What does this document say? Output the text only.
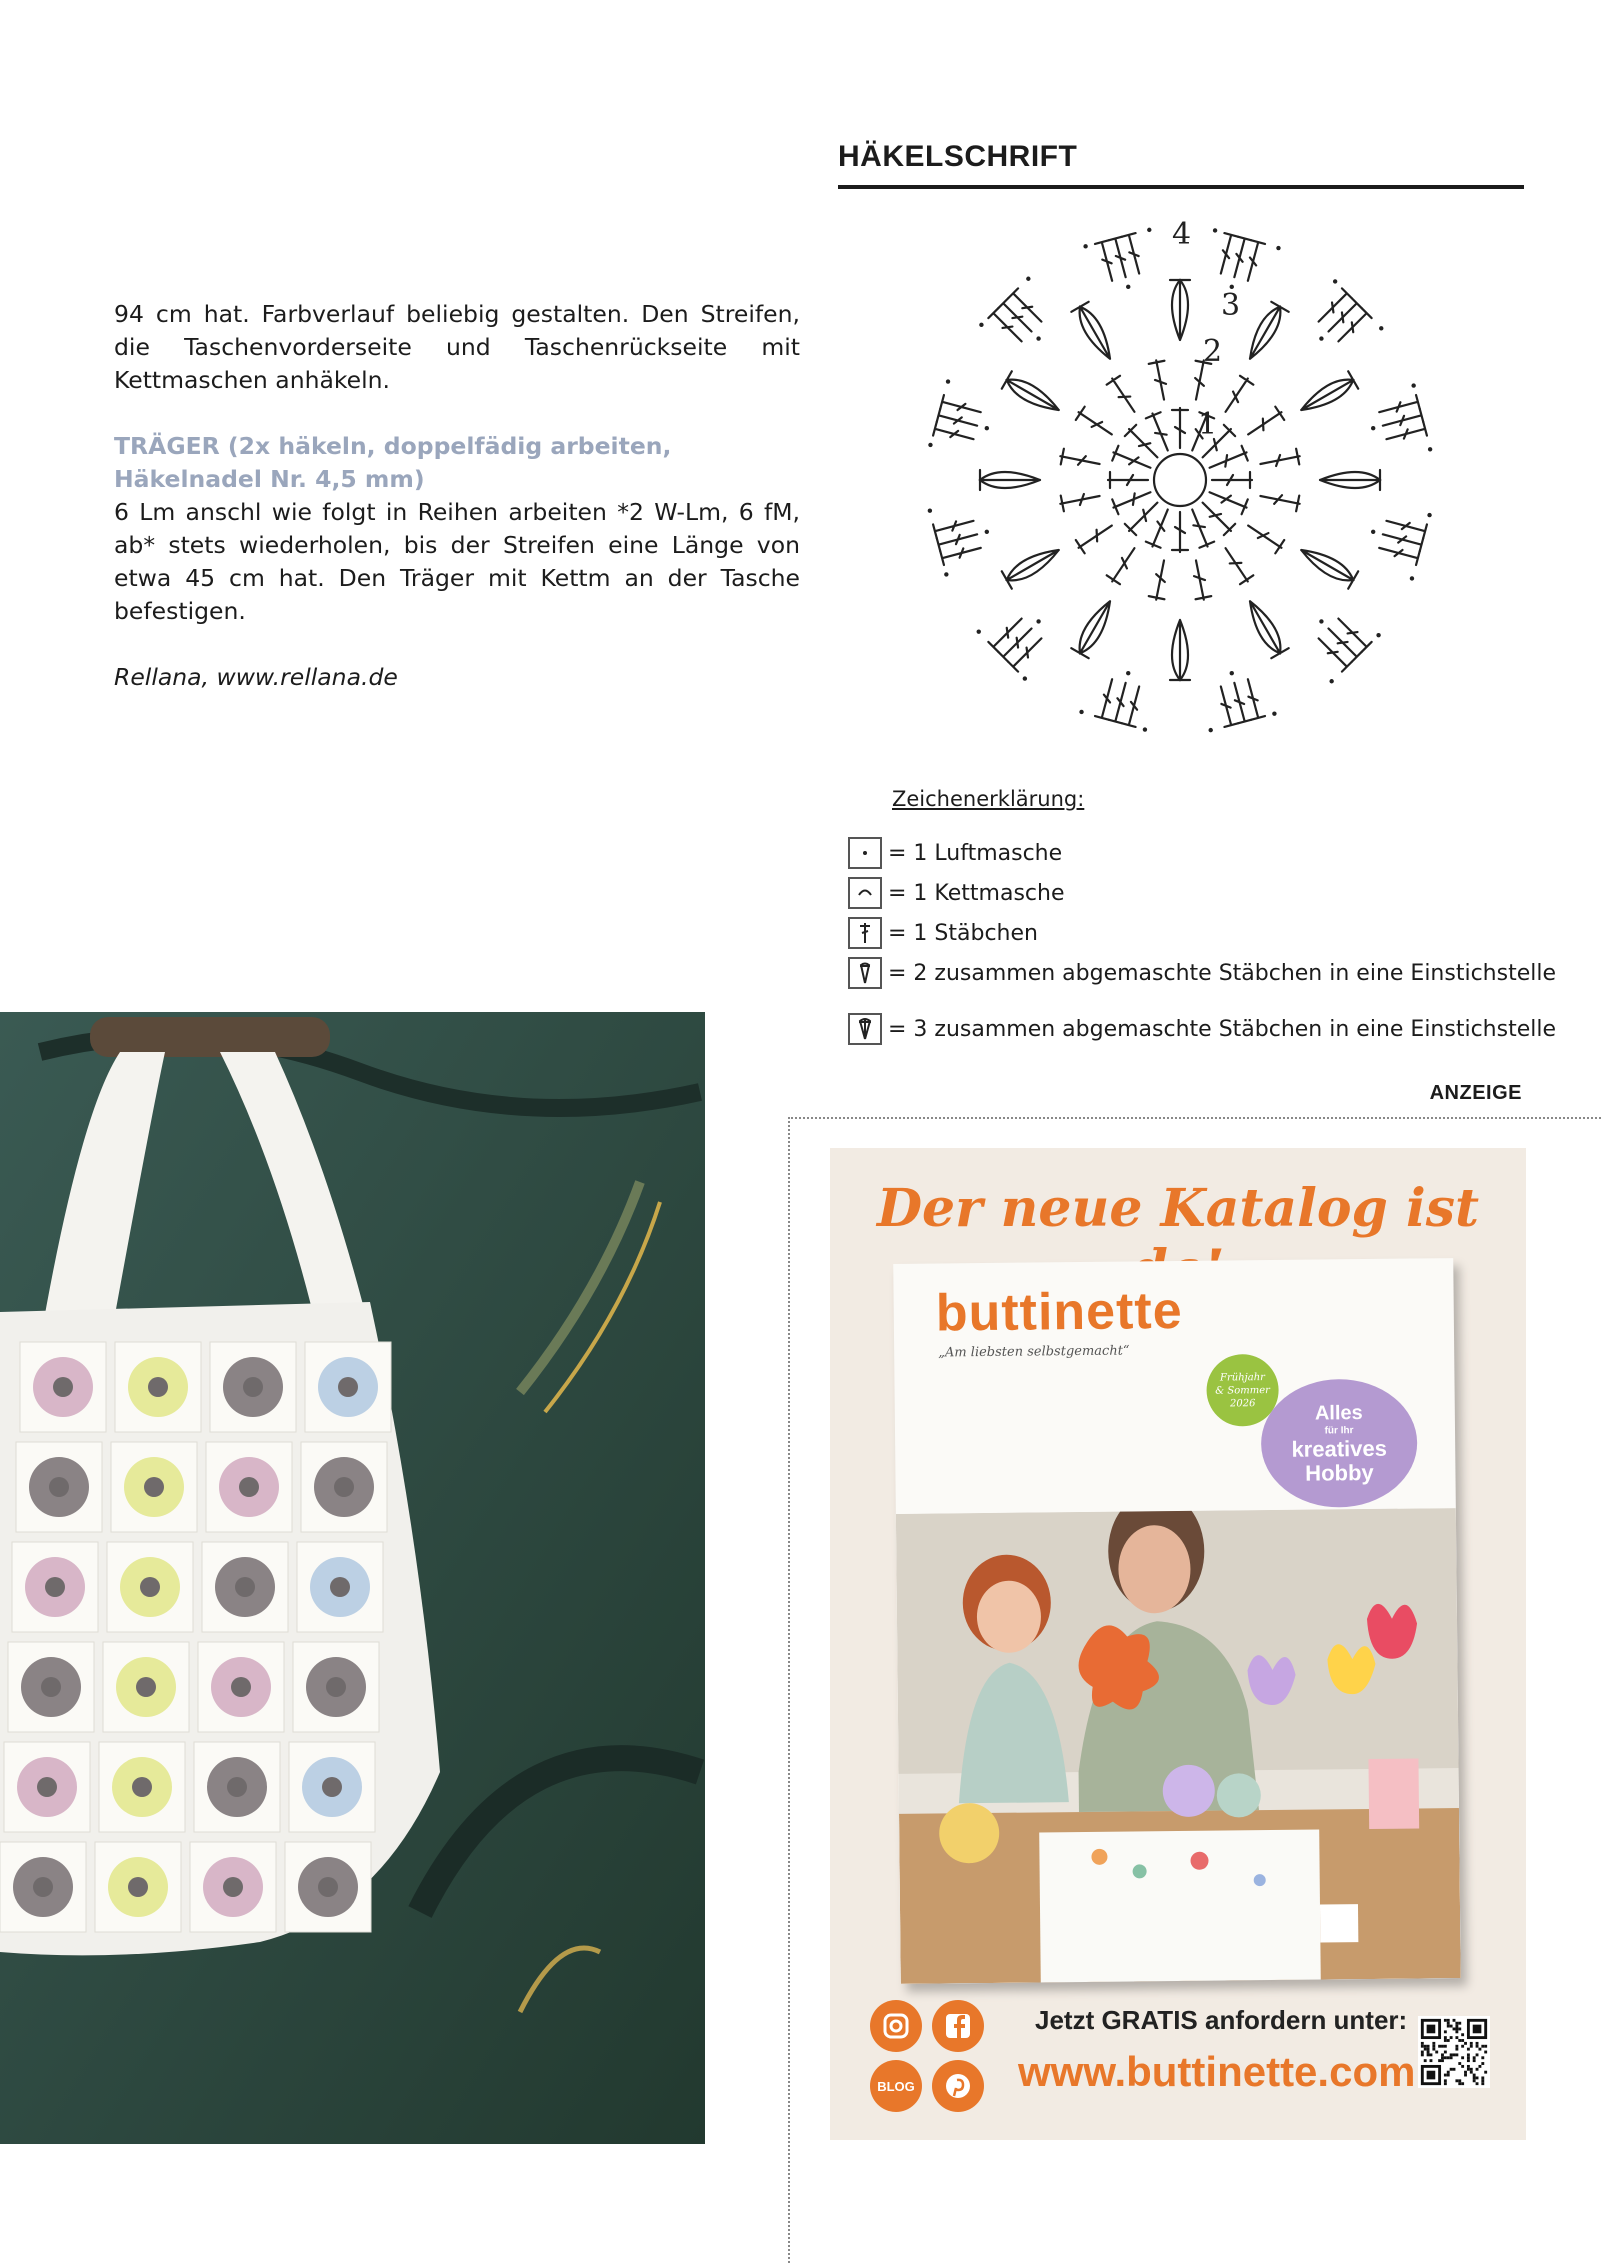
HÄKELSCHRIFT

94 cm hat. Farbverlauf beliebig gestalten. Den Streifen, die Taschenvorderseite und Taschenrückseite mit Kettmaschen anhäkeln.

TRÄGER (2x häkeln, doppelfädig arbeiten,
Häkelnadel Nr. 4,5 mm)

6 Lm anschl wie folgt in Reihen arbeiten *2 W-Lm, 6 fM, ab* stets wiederholen, bis der Streifen eine Länge von etwa 45 cm hat. Den Träger mit Kettm an der Tasche befestigen.

Rellana, www.rellana.de

4
3
2
1
Zeichenerklärung:
= 1 Luftmasche
= 1 Kettmasche
= 1 Stäbchen
= 2 zusammen abgemaschte Stäbchen in eine Einstichstelle
= 3 zusammen abgemaschte Stäbchen in eine Einstichstelle
ANZEIGE
Der neue Katalog ist
buttinette
„Am liebsten selbstgemacht“
Frühjahr
& Sommer
2026	Alles
für Ihr
kreatives
Hobby
BLOG
Jetzt GRATIS anfordern unter:
www.buttinette.com
